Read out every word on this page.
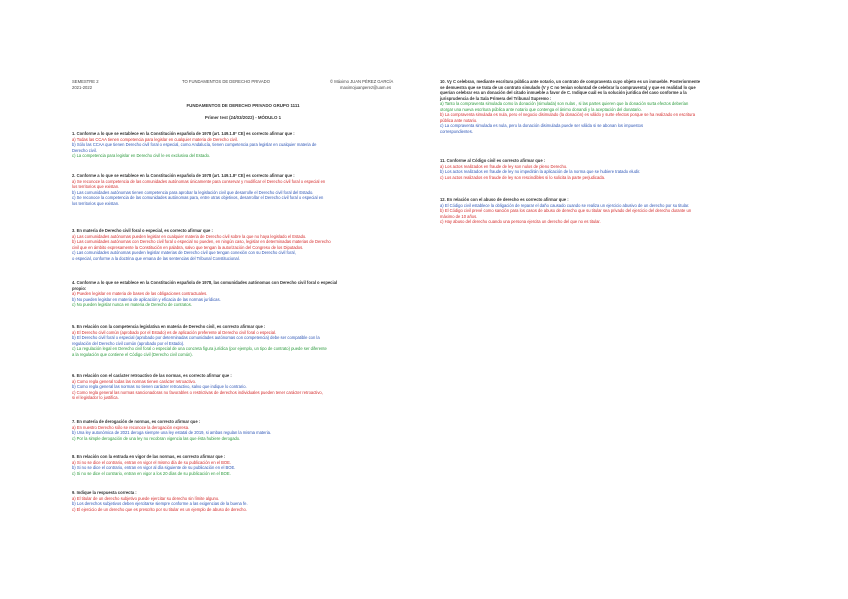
SEMESTRE 2
2021-2022
TO FUNDAMENTOS DE DERECHO PRIVADO	© Máximo JUAN PÉREZ GARCÍA
maximojuanperez@uam.es
FUNDAMENTOS DE DERECHO PRIVADO GRUPO 1111
Primer test (24/03/2022) - MÓDULO 1
1. Conforme a lo que se establece en la Constitución española de 1978 (art. 149.1.8ª CE) es correcto afirmar que :
a) Todas las CCAA tienen competencia para legislar en cualquier materia de Derecho civil.
b) Sólo las CCAA que tienen Derecho civil foral o especial, como Andalucía, tienen competencia para legislar en cualquier materia de
Derecho civil.
c) La competencia para legislar en Derecho civil le es exclusiva del Estado.
2. Conforme a lo que se establece en la Constitución española de 1978 (art. 149.1.8ª CE) es correcto afirmar que :
a) Se reconoce la competencia de las comunidades autónomas únicamente para conservar y modificar el Derecho civil foral o especial en
los territorios que existan.
b) Las comunidades autónomas tienen competencia para aprobar la legislación civil que desarrolle el Derecho civil foral del Estado.
c) Se reconoce la competencia de las comunidades autónomas para, entre otras objetivos, desarrollar el Derecho civil foral o especial en
los territorios que existan.
3. En materia de Derecho civil foral o especial, es correcto afirmar que :
a) Las comunidades autónomas pueden legislar en cualquier materia de Derecho civil sobre la que no haya legislado el Estado.
b) Las comunidades autónomas con Derecho civil foral o especial no pueden, en ningún caso, legislar en determinadas materias de Derecho
civil que en ámbito expresamente la Constitución en palabra, salvo que tengan la autorización del Congreso de los Diputados.
c) Las comunidades autónomas pueden legislar materias de Derecho civil que tengan conexión con su Derecho civil foral,
o especial, conforme a la doctrina que emana de las sentencias del Tribunal Constitucional.
4. Conforme a lo que se establece en la Constitución española de 1978, las comunidades autónomas con Derecho civil foral o especial
propio:
a) Pueden legislar en materia de bases de las obligaciones contractuales.
b) No pueden legislar en materia de aplicación y eficacia de las normas jurídicas.
c) No pueden legislar nunca en materia de Derecho de contratos.
5. En relación con la competencia legislativa en materia de Derecho civil, es correcto afirmar que :
a) El Derecho civil común (aprobado por el Estado) es de aplicación preferente al Derecho civil foral o especial.
b) El Derecho civil foral o especial (aprobado por determinadas comunidades autónomas con competencia) debe ser compatible con la
regulación del Derecho civil común (aprobado por el Estado).
c) La regulación legal en Derecho civil foral o especial de una concreta figura jurídica (por ejemplo, un tipo de contrato) puede ser diferente
a la regulación que contiene el Código civil (Derecho civil común).
6. En relación con el carácter retroactivo de las normas, es correcto afirmar que :
a) Como regla general todas las normas tienen carácter retroactivo.
b) Como regla general las normas no tienen carácter retroactivo, salvo que indique lo contrario.
c) Como regla general las normas sancionadoras no favorables o restrictivas de derechos individuales pueden tener carácter retroactivo,
si el legislador lo justifica.
7. En materia de derogación de normas, es correcto afirmar que :
a) En nuestro Derecho sólo se reconoce la derogación expresa.
b) Una ley autonómica de 2021 deroga siempre una ley estatal de 2019, si ambas regulan la misma materia.
c) Por la simple derogación de una ley no recobran vigencia las que ésta hubiere derogado.
8. En relación con la entrada en vigor de las normas, es correcto afirmar que :
a) Si no se dice el contrario, entran en vigor el mismo día de su publicación en el BOE.
b) Si no se dice el contrario, entran en vigor al día siguiente de su publicación en el BOE.
c) Si no se dice el contrario, entran en vigor a los 20 días de su publicación en el BOE.
9. Indique la respuesta correcta :
a) El titular de un derecho subjetivo puede ejercitar su derecho sin límite alguno.
b) Los derechos subjetivos deben ejercitarse siempre conforme a las exigencias de la buena fe.
c) El ejercicio de un derecho que es prescrito por su titular es un ejemplo de abuso de derecho.
10. Vy C celebran, mediante escritura pública ante notario, un contrato de compraventa cuyo objeto es un inmueble. Posteriormente
se demuestra que se trata de un contrato simulado (V y C no tenían voluntad de celebrar la compraventa) y que en realidad lo que
querían celebrar era un donación del citado inmueble a favor de C. Indique cuál es la solución jurídica del caso conforme a la
jurisprudencia de la Sala Primera del Tribunal Supremo :
a) Tanto la compraventa simulada como la donación (simulada) son nulas , si las partes quieren que la donación surta efectos deberían
otorgar una nueva escritura pública ante notario que contenga el ánimo donandi y la aceptación del donatario.
b) La compraventa simulada es nula, pero el negocio disimulado (la donación) es válido y surte efectos porque se ha realizado en escritura
pública ante notario.
c) La compraventa simulada es nula, pero la donación disimulada puede ser válida si se abonan los impuestos
correspondientes.
11. Conforme al Código civil es correcto afirmar que :
a) Los actos realizados en fraude de ley son nulos de pleno Derecho.
b) Los actos realizados en fraude de ley no impedirán la aplicación de la norma que se hubiere tratado eludir.
c) Los actos realizados en fraude de ley son rescindibles si lo solicita la parte perjudicada.
12. En relación con el abuso de derecho es correcto afirmar que :
a) El Código civil establece la obligación de reparar el daño causado cuando se realiza un ejercicio abusivo de un derecho por su titular.
b) El Código civil prevé como sanción para los casos de abuso de derecho que su titular sea privado del ejercicio del derecho durante un
máximo de 10 años.
c) Hay abuso del derecho cuando una persona ejercita un derecho del que no es titular.
